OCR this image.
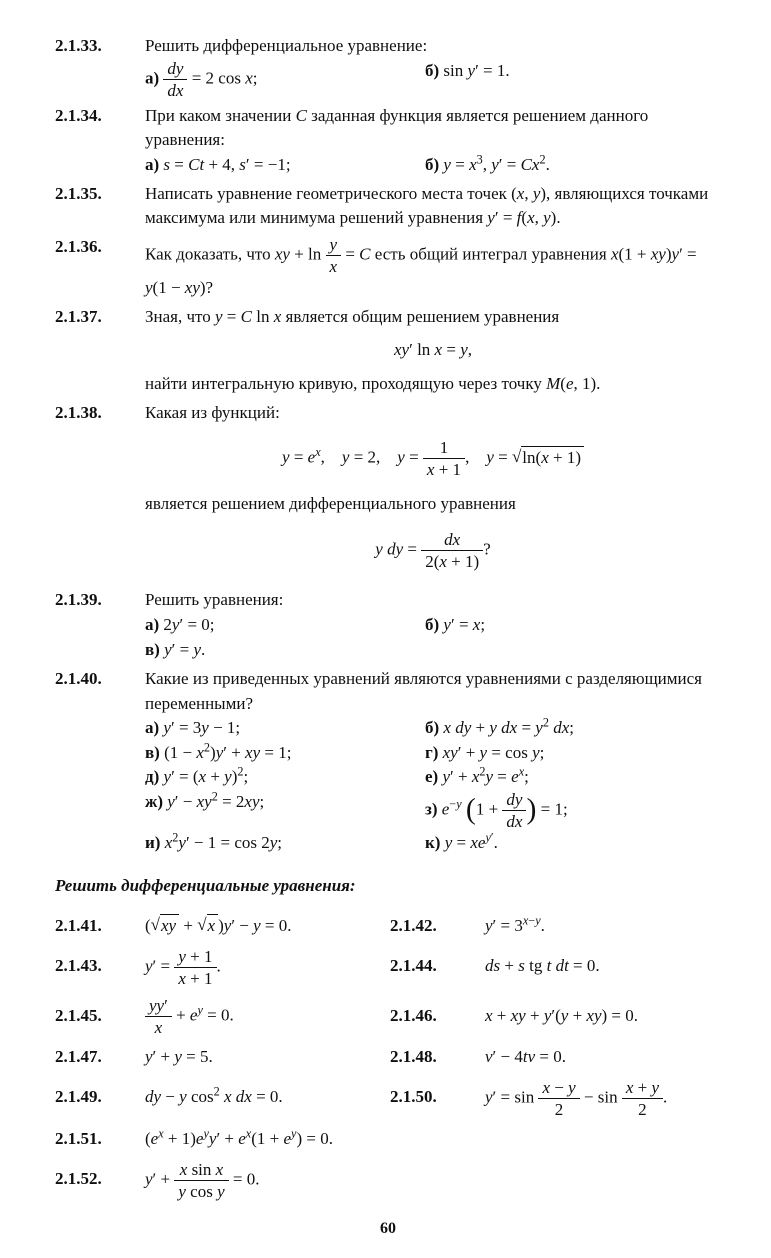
2.1.33.	Решить дифференциальное уравнение:
$а) \frac{dy}{dx} = 2$ cos x;	б) sin y′ = 1.
2.1.34.	При каком значении C заданная функция является решением данного уравнения:
а) s = Ct + 4, s′ = −1;	б) $y = x^3$, $y' = Cx^2$.
2.1.35.	Написать уравнение геометрического места точек (x, y), являющихся точками максимума или минимума решений уравнения y′ = f(x, y).
2.1.36.	Как доказать, что xy + $\ln \frac{y}{x} = C$ есть общий интеграл уравнения x(1 + xy)y′ = y(1 − xy)?
2.1.37.	Зная, что y = C ln x является общим решением уравнения
xy′ ln x = y,
найти интегральную кривую, проходящую через точку M(e, 1).
2.1.38.	Какая из функций:
$y = e^x$,    y = 2,    $y = \frac{1}{x + 1}$ ,    y = √ln(x + 1)
является решением дифференциального уравнения
y dy = $\frac{dx}{2(x + 1)}$ ?
2.1.39.	Решить уравнения:
а) 2y′ = 0;	б) y′ = x;
в) y′ = y.
2.1.40.	Какие из приведенных уравнений являются уравнениями с разделяющимися переменными?
а) y′ = 3y − 1;	б) x dy + y dx = $y^2$ dx;
в) $(1 - x^2)y'$ + xy = 1;	г) xy′ + y = cos y;
д) $y' = (x + y)^2$;	е) $y' + x^2y = e^x$;
ж) $y' - xy^2 = 2xy$;	з) $e^{-y}$ ($1 + \frac{dy}{dx}$ ) = 1;
и) $x^2y' - 1 = \cos 2y$;	к) $y = xe^{y'}$.
Решить дифференциальные уравнения:
2.1.41.	(√xy + √x )y′ − y = 0.	2.1.42.	$y' = 3^{x-y}$.
2.1.43.	$y' = \frac{y + 1}{x + 1}$ .	2.1.44.	ds + s tg t dt = 0.
2.1.45.	$\frac{yy'}{x} + e^y = 0$.	2.1.46.	x + xy + y′(y + xy) = 0.
2.1.47.	y′ + y = 5.	2.1.48.	v′ − 4tv = 0.
2.1.49.	dy − y $\cos^2 x$ dx = 0.	2.1.50.	$y' = \sin \frac{x - y}{2} - \sin \frac{x + y}{2}$ .
2.1.51.	$(e^x + 1)e^yy' + e^x(1 + e^y) = 0$.
2.1.52.	$y' + \frac{\text{x sin x}}{\text{y cos y}} = 0$.
60
